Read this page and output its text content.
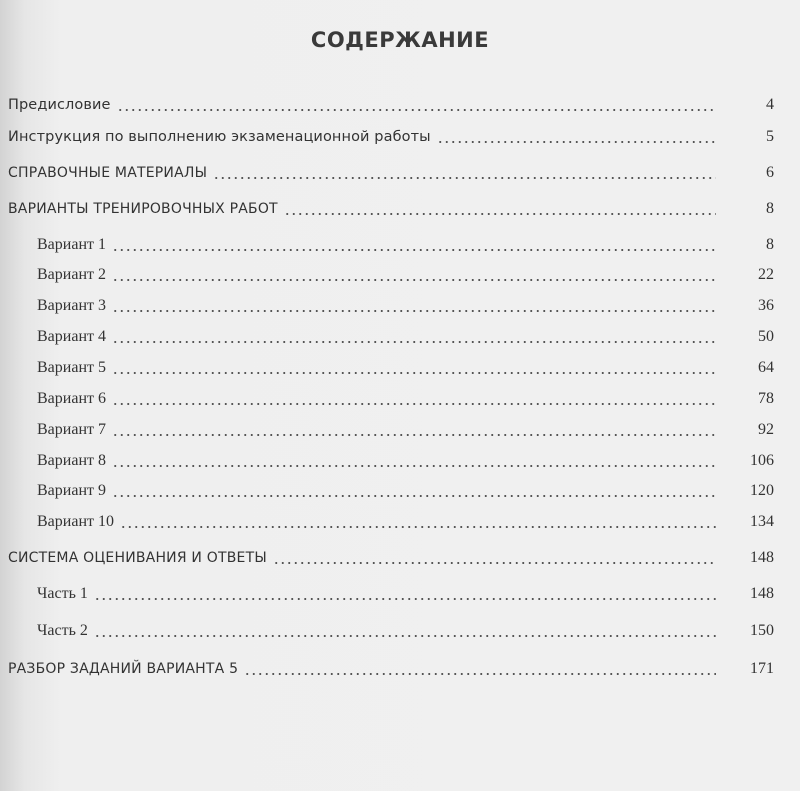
СОДЕРЖАНИЕ
Предисловие	4
Инструкция по выполнению экзаменационной работы	5
СПРАВОЧНЫЕ МАТЕРИАЛЫ	6
ВАРИАНТЫ ТРЕНИРОВОЧНЫХ РАБОТ	8
Вариант 1	8
Вариант 2	22
Вариант 3	36
Вариант 4	50
Вариант 5	64
Вариант 6	78
Вариант 7	92
Вариант 8	106
Вариант 9	120
Вариант 10	134
СИСТЕМА ОЦЕНИВАНИЯ И ОТВЕТЫ	148
Часть 1	148
Часть 2	150
РАЗБОР ЗАДАНИЙ ВАРИАНТА 5	171
